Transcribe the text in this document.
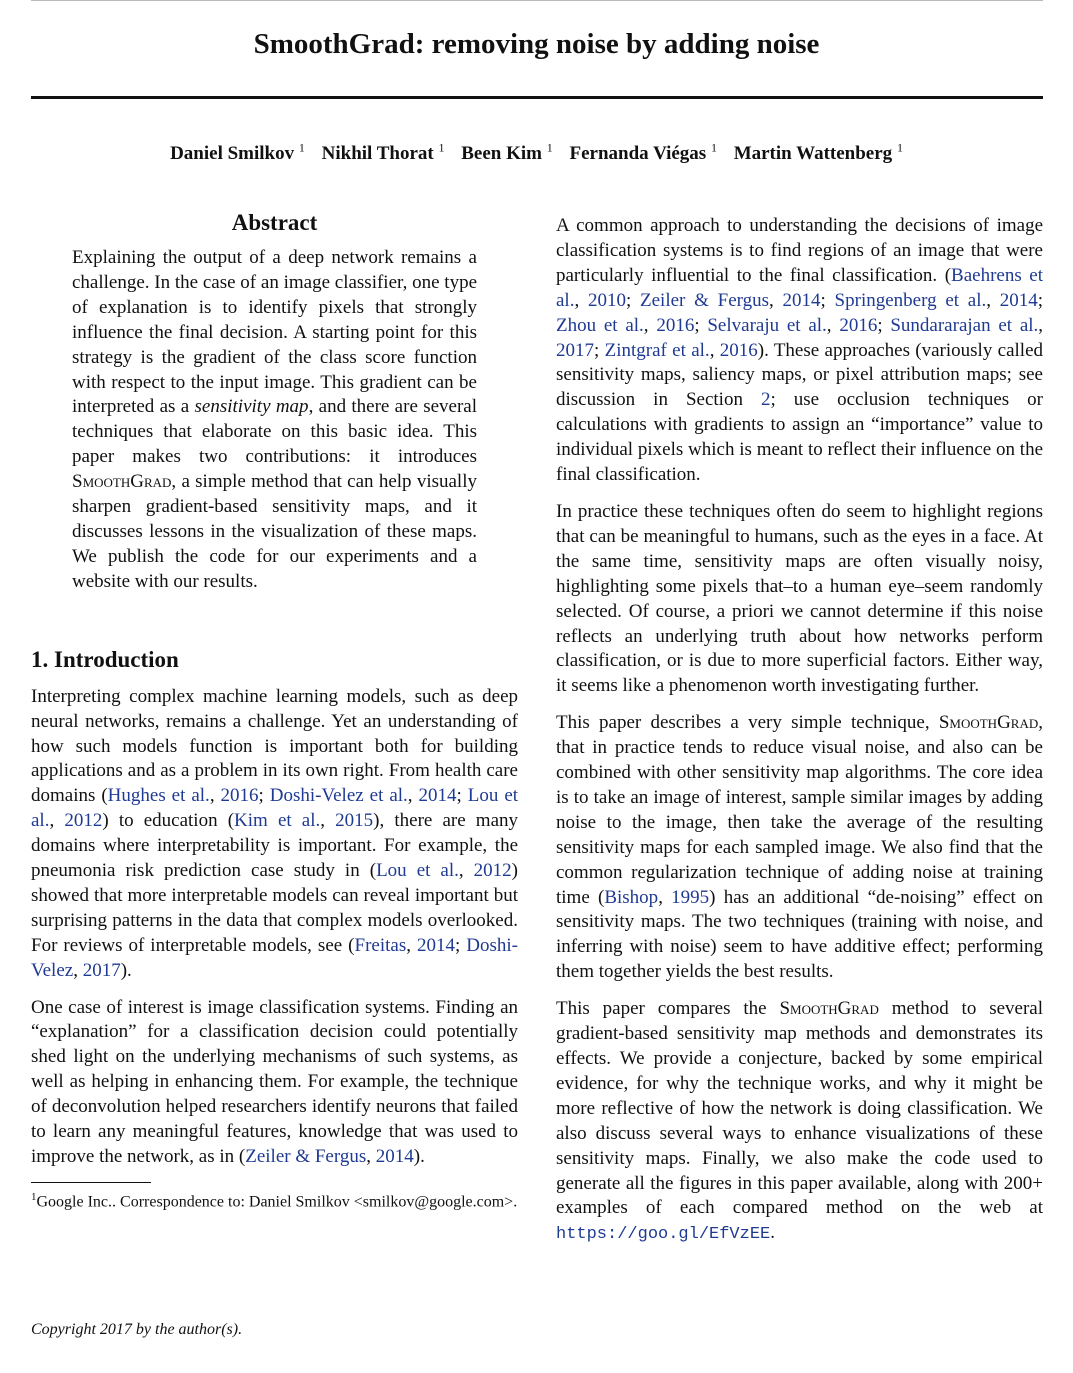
SmoothGrad: removing noise by adding noise
Daniel Smilkov $^1$ Nikhil Thorat $^1$ Been Kim $^1$ Fernanda Viégas $^1$ Martin Wattenberg $^1$
Abstract
Explaining the output of a deep network remains a challenge. In the case of an image classifier, one type of explanation is to identify pixels that strongly influence the final decision. A starting point for this strategy is the gradient of the class score function with respect to the input image. This gradient can be interpreted as a sensitivity map, and there are several techniques that elaborate on this basic idea. This paper makes two contributions: it introduces SmoothGrad, a simple method that can help visually sharpen gradient-based sensitivity maps, and it discusses lessons in the visualization of these maps. We publish the code for our experiments and a website with our results.
1. Introduction

Interpreting complex machine learning models, such as deep neural networks, remains a challenge. Yet an understanding of how such models function is important both for building applications and as a problem in its own right. From health care domains (Hughes et al., 2016; Doshi-Velez et al., 2014; Lou et al., 2012) to education (Kim et al., 2015), there are many domains where interpretability is important. For example, the pneumonia risk prediction case study in (Lou et al., 2012) showed that more interpretable models can reveal important but surprising patterns in the data that complex models overlooked. For reviews of interpretable models, see (Freitas, 2014; Doshi-Velez, 2017).

One case of interest is image classification systems. Finding an “explanation” for a classification decision could potentially shed light on the underlying mechanisms of such systems, as well as helping in enhancing them. For example, the technique of deconvolution helped researchers identify neurons that failed to learn any meaningful features, knowledge that was used to improve the network, as in (Zeiler & Fergus, 2014).

$^1$Google Inc.. Correspondence to: Daniel Smilkov <smilkov@google.com>.

Copyright 2017 by the author(s).

A common approach to understanding the decisions of image classification systems is to find regions of an image that were particularly influential to the final classification. (Baehrens et al., 2010; Zeiler & Fergus, 2014; Springenberg et al., 2014; Zhou et al., 2016; Selvaraju et al., 2016; Sundararajan et al., 2017; Zintgraf et al., 2016). These approaches (variously called sensitivity maps, saliency maps, or pixel attribution maps; see discussion in Section 2; use occlusion techniques or calculations with gradients to assign an “importance” value to individual pixels which is meant to reflect their influence on the final classification.

In practice these techniques often do seem to highlight regions that can be meaningful to humans, such as the eyes in a face. At the same time, sensitivity maps are often visually noisy, highlighting some pixels that–to a human eye–seem randomly selected. Of course, a priori we cannot determine if this noise reflects an underlying truth about how networks perform classification, or is due to more superficial factors. Either way, it seems like a phenomenon worth investigating further.

This paper describes a very simple technique, SmoothGrad, that in practice tends to reduce visual noise, and also can be combined with other sensitivity map algorithms. The core idea is to take an image of interest, sample similar images by adding noise to the image, then take the average of the resulting sensitivity maps for each sampled image. We also find that the common regularization technique of adding noise at training time (Bishop, 1995) has an additional “de-noising” effect on sensitivity maps. The two techniques (training with noise, and inferring with noise) seem to have additive effect; performing them together yields the best results.

This paper compares the SmoothGrad method to several gradient-based sensitivity map methods and demonstrates its effects. We provide a conjecture, backed by some empirical evidence, for why the technique works, and why it might be more reflective of how the network is doing classification. We also discuss several ways to enhance visualizations of these sensitivity maps. Finally, we also make the code used to generate all the figures in this paper available, along with 200+ examples of each compared method on the web at https://goo.gl/EfVzEE.
